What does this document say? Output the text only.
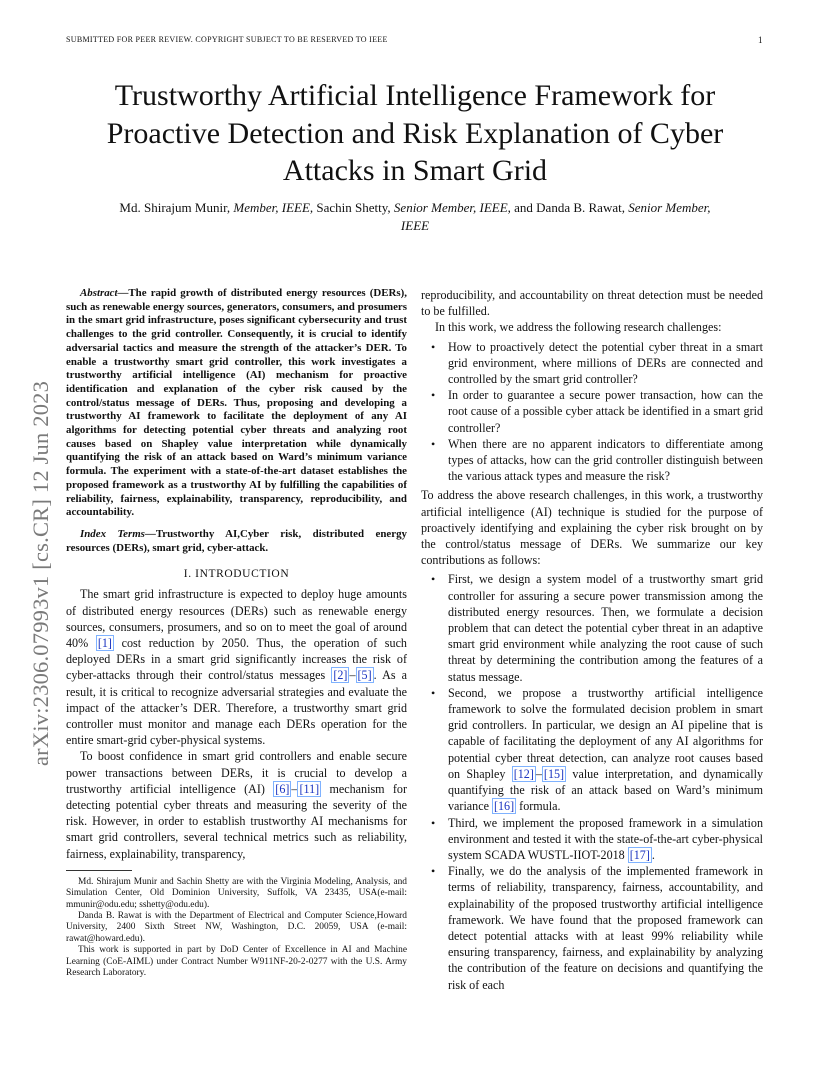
SUBMITTED FOR PEER REVIEW. COPYRIGHT SUBJECT TO BE RESERVED TO IEEE	1
Trustworthy Artificial Intelligence Framework for Proactive Detection and Risk Explanation of Cyber Attacks in Smart Grid
Md. Shirajum Munir, Member, IEEE, Sachin Shetty, Senior Member, IEEE, and Danda B. Rawat, Senior Member, IEEE
arXiv:2306.07993v1 [cs.CR] 12 Jun 2023

Abstract—The rapid growth of distributed energy resources (DERs), such as renewable energy sources, generators, consumers, and prosumers in the smart grid infrastructure, poses significant cybersecurity and trust challenges to the grid controller. Consequently, it is crucial to identify adversarial tactics and measure the strength of the attacker’s DER. To enable a trustworthy smart grid controller, this work investigates a trustworthy artificial intelligence (AI) mechanism for proactive identification and explanation of the cyber risk caused by the control/status message of DERs. Thus, proposing and developing a trustworthy AI framework to facilitate the deployment of any AI algorithms for detecting potential cyber threats and analyzing root causes based on Shapley value interpretation while dynamically quantifying the risk of an attack based on Ward’s minimum variance formula. The experiment with a state-of-the-art dataset establishes the proposed framework as a trustworthy AI by fulfilling the capabilities of reliability, fairness, explainability, transparency, reproducibility, and accountability.

Index Terms—Trustworthy AI,Cyber risk, distributed energy resources (DERs), smart grid, cyber-attack.

I. INTRODUCTION

The smart grid infrastructure is expected to deploy huge amounts of distributed energy resources (DERs) such as renewable energy sources, consumers, prosumers, and so on to meet the goal of around 40% [1] cost reduction by 2050. Thus, the operation of such deployed DERs in a smart grid significantly increases the risk of cyber-attacks through their control/status messages [2] – [5] . As a result, it is critical to recognize adversarial strategies and evaluate the impact of the attacker’s DER. Therefore, a trustworthy smart grid controller must monitor and manage each DERs operation for the entire smart-grid cyber-physical systems.

To boost confidence in smart grid controllers and enable secure power transactions between DERs, it is crucial to develop a trustworthy artificial intelligence (AI) [6] – [11] mechanism for detecting potential cyber threats and measuring the severity of the risk. However, in order to establish trustworthy AI mechanisms for smart grid controllers, several technical metrics such as reliability, fairness, explainability, transparency,

Md. Shirajum Munir and Sachin Shetty are with the Virginia Modeling, Analysis, and Simulation Center, Old Dominion University, Suffolk, VA 23435, USA(e-mail: mmunir@odu.edu; sshetty@odu.edu).

Danda B. Rawat is with the Department of Electrical and Computer Science,Howard University, 2400 Sixth Street NW, Washington, D.C. 20059, USA (e-mail: rawat@howard.edu).

This work is supported in part by DoD Center of Excellence in AI and Machine Learning (CoE-AIML) under Contract Number W911NF-20-2-0277 with the U.S. Army Research Laboratory.

reproducibility, and accountability on threat detection must be needed to be fulfilled.

In this work, we address the following research challenges:

• How to proactively detect the potential cyber threat in a smart grid environment, where millions of DERs are connected and controlled by the smart grid controller?
• In order to guarantee a secure power transaction, how can the root cause of a possible cyber attack be identified in a smart grid controller?
• When there are no apparent indicators to differentiate among types of attacks, how can the grid controller distinguish between the various attack types and measure the risk?

To address the above research challenges, in this work, a trustworthy artificial intelligence (AI) technique is studied for the purpose of proactively identifying and explaining the cyber risk brought on by the control/status message of DERs. We summarize our key contributions as follows:

• First, we design a system model of a trustworthy smart grid controller for assuring a secure power transmission among the distributed energy resources. Then, we formulate a decision problem that can detect the potential cyber threat in an adaptive smart grid environment while analyzing the root cause of such threat by determining the contribution among the features of a status message.
• Second, we propose a trustworthy artificial intelligence framework to solve the formulated decision problem in smart grid controllers. In particular, we design an AI pipeline that is capable of facilitating the deployment of any AI algorithms for potential cyber threat detection, can analyze root causes based on Shapley [12] – [15] value interpretation, and dynamically quantifying the risk of an attack based on Ward’s minimum variance [16] formula.
• Third, we implement the proposed framework in a simulation environment and tested it with the state-of-the-art cyber-physical system SCADA WUSTL-IIOT-2018 [17] .
• Finally, we do the analysis of the implemented framework in terms of reliability, transparency, fairness, accountability, and explainability of the proposed trustworthy artificial intelligence framework. We have found that the proposed framework can detect potential attacks with at least 99% reliability while ensuring transparency, fairness, and explainability by analyzing the contribution of the feature on decisions and quantifying the risk of each
